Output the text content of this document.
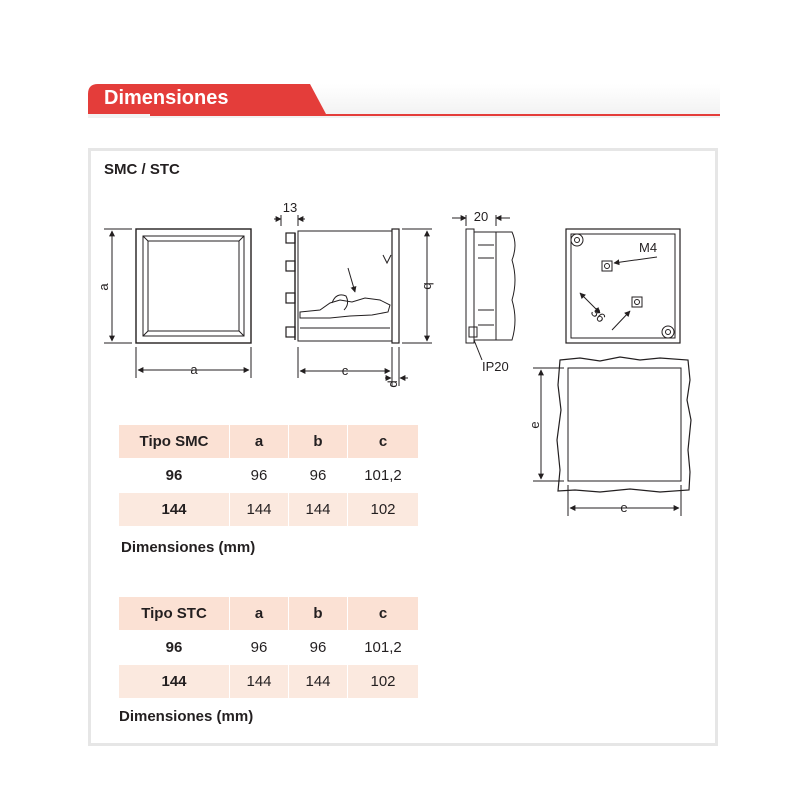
Dimensiones
SMC / STC
a
a
13
b
c
d
20
IP20
M4
36
e
e
Tipo SMC	a	b	c
96	96	96	101,2
144	144	144	102
Dimensiones (mm)
Tipo STC	a	b	c
96	96	96	101,2
144	144	144	102
Dimensiones (mm)
